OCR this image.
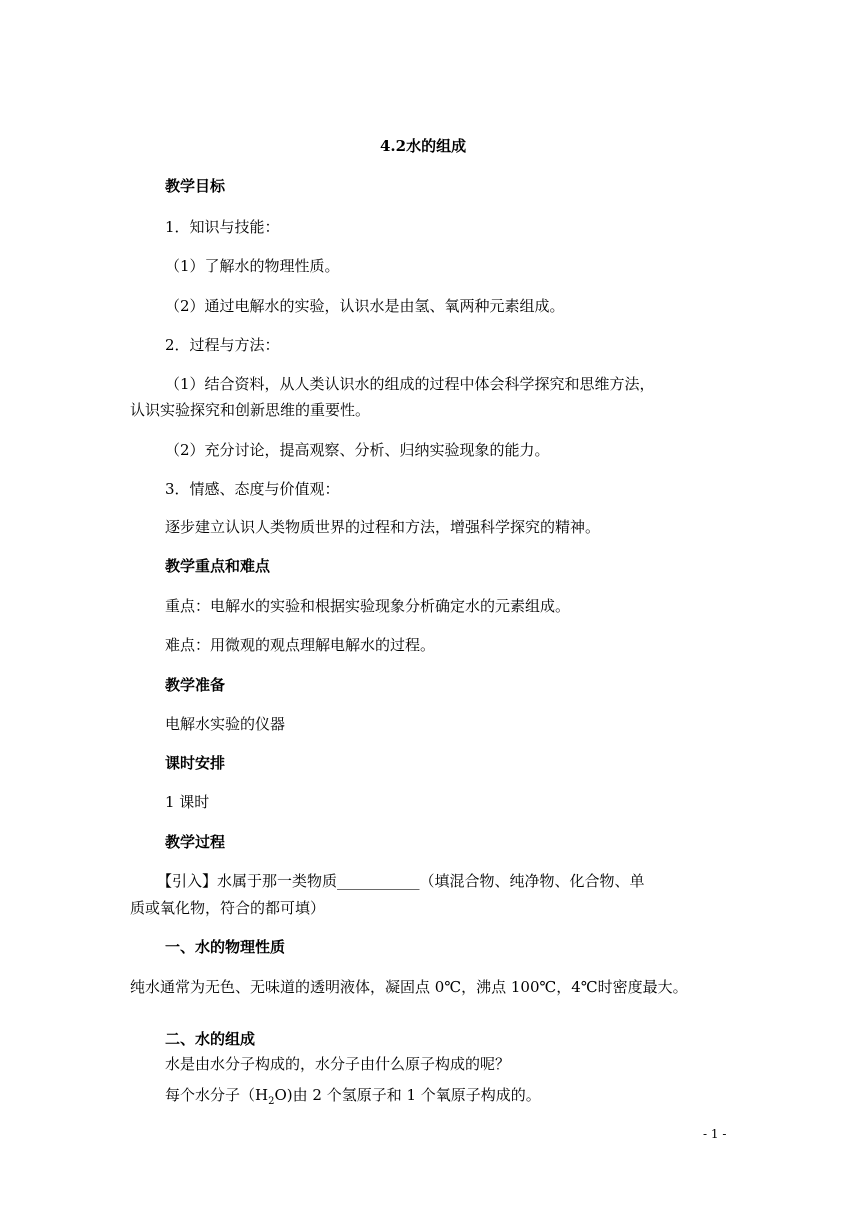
4.2水的组成

教学目标

1．知识与技能：

（1）了解水的物理性质。

（2）通过电解水的实验，认识水是由氢、氧两种元素组成。

2．过程与方法：

（1）结合资料，从人类认识水的组成的过程中体会科学探究和思维方法，

认识实验探究和创新思维的重要性。

（2）充分讨论，提高观察、分析、归纳实验现象的能力。

3．情感、态度与价值观：

逐步建立认识人类物质世界的过程和方法，增强科学探究的精神。

教学重点和难点

重点：电解水的实验和根据实验现象分析确定水的元素组成。

难点：用微观的观点理解电解水的过程。

教学准备

电解水实验的仪器

课时安排

1 课时

教学过程

【引入】水属于那一类物质___________（填混合物、纯净物、化合物、单

质或氧化物，符合的都可填）

一、水的物理性质

纯水通常为无色、无味道的透明液体，凝固点 0℃，沸点 100℃，4℃时密度最大。

二、水的组成

水是由水分子构成的，水分子由什么原子构成的呢？

每个水分子$(H_2O)$由 2 个氢原子和 1 个氧原子构成的。

- 1 -
